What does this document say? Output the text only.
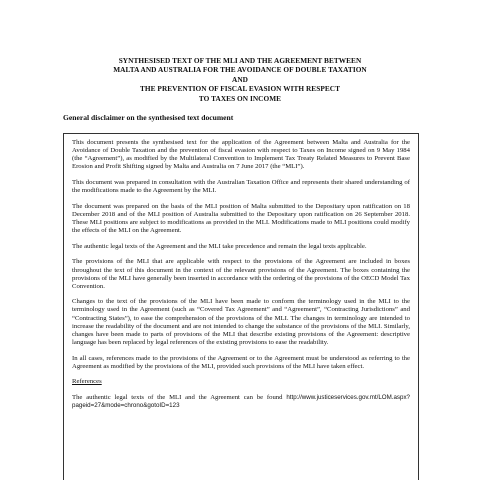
SYNTHESISED TEXT OF THE MLI AND THE AGREEMENT BETWEEN
MALTA AND AUSTRALIA FOR THE AVOIDANCE OF DOUBLE TAXATION
AND
THE PREVENTION OF FISCAL EVASION WITH RESPECT
TO TAXES ON INCOME
General disclaimer on the synthesised text document

This document presents the synthesised text for the application of the Agreement between Malta and Australia for the Avoidance of Double Taxation and the prevention of fiscal evasion with respect to Taxes on Income signed on 9 May 1984 (the “Agreement”), as modified by the Multilateral Convention to Implement Tax Treaty Related Measures to Prevent Base Erosion and Profit Shifting signed by Malta and Australia on 7 June 2017 (the “MLI”).

This document was prepared in consultation with the Australian Taxation Office and represents their shared understanding of the modifications made to the Agreement by the MLI.

The document was prepared on the basis of the MLI position of Malta submitted to the Depositary upon ratification on 18 December 2018 and of the MLI position of Australia submitted to the Depositary upon ratification on 26 September 2018. These MLI positions are subject to modifications as provided in the MLI. Modifications made to MLI positions could modify the effects of the MLI on the Agreement.

The authentic legal texts of the Agreement and the MLI take precedence and remain the legal texts applicable.

The provisions of the MLI that are applicable with respect to the provisions of the Agreement are included in boxes throughout the text of this document in the context of the relevant provisions of the Agreement. The boxes containing the provisions of the MLI have generally been inserted in accordance with the ordering of the provisions of the OECD Model Tax Convention.

Changes to the text of the provisions of the MLI have been made to conform the terminology used in the MLI to the terminology used in the Agreement (such as “Covered Tax Agreement” and “Agreement”, “Contracting Jurisdictions” and “Contracting States”), to ease the comprehension of the provisions of the MLI. The changes in terminology are intended to increase the readability of the document and are not intended to change the substance of the provisions of the MLI. Similarly, changes have been made to parts of provisions of the MLI that describe existing provisions of the Agreement: descriptive language has been replaced by legal references of the existing provisions to ease the readability.

In all cases, references made to the provisions of the Agreement or to the Agreement must be understood as referring to the Agreement as modified by the provisions of the MLI, provided such provisions of the MLI have taken effect.

References

The authentic legal texts of the MLI and the Agreement can be found http://www.justiceservices.gov.mt/LOM.aspx?pageid=27&mode=chrono&gotoID=123
